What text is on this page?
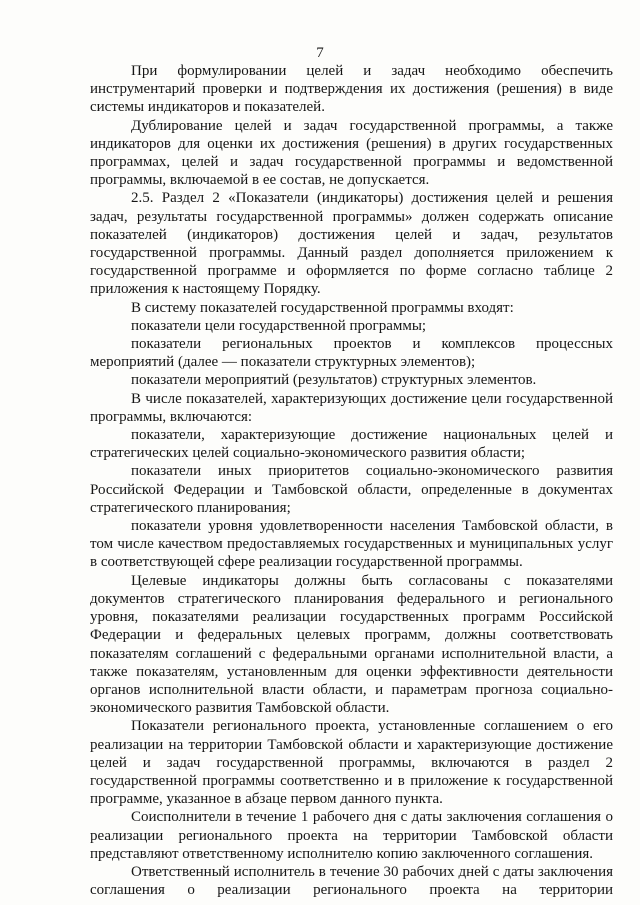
7

При формулировании целей и задач необходимо обеспечить инструментарий проверки и подтверждения их достижения (решения) в виде системы индикаторов и показателей.

Дублирование целей и задач государственной программы, а также индикаторов для оценки их достижения (решения) в других государственных программах, целей и задач государственной программы и ведомственной программы, включаемой в ее состав, не допускается.

2.5. Раздел 2 «Показатели (индикаторы) достижения целей и решения задач, результаты государственной программы» должен содержать описание показателей (индикаторов) достижения целей и задач, результатов государственной программы. Данный раздел дополняется приложением к государственной программе и оформляется по форме согласно таблице 2 приложения к настоящему Порядку.

В систему показателей государственной программы входят:

показатели цели государственной программы;

показатели региональных проектов и комплексов процессных мероприятий (далее — показатели структурных элементов);

показатели мероприятий (результатов) структурных элементов.

В числе показателей, характеризующих достижение цели государственной программы, включаются:

показатели, характеризующие достижение национальных целей и стратегических целей социально-экономического развития области;

показатели иных приоритетов социально-экономического развития Российской Федерации и Тамбовской области, определенные в документах стратегического планирования;

показатели уровня удовлетворенности населения Тамбовской области, в том числе качеством предоставляемых государственных и муниципальных услуг в соответствующей сфере реализации государственной программы.

Целевые индикаторы должны быть согласованы с показателями документов стратегического планирования федерального и регионального уровня, показателями реализации государственных программ Российской Федерации и федеральных целевых программ, должны соответствовать показателям соглашений с федеральными органами исполнительной власти, а также показателям, установленным для оценки эффективности деятельности органов исполнительной власти области, и параметрам прогноза социально-экономического развития Тамбовской области.

Показатели регионального проекта, установленные соглашением о его реализации на территории Тамбовской области и характеризующие достижение целей и задач государственной программы, включаются в раздел 2 государственной программы соответственно и в приложение к государственной программе, указанное в абзаце первом данного пункта.

Соисполнители в течение 1 рабочего дня с даты заключения соглашения о реализации регионального проекта на территории Тамбовской области представляют ответственному исполнителю копию заключенного соглашения.

Ответственный исполнитель в течение 30 рабочих дней с даты заключения соглашения о реализации регионального проекта на территории
